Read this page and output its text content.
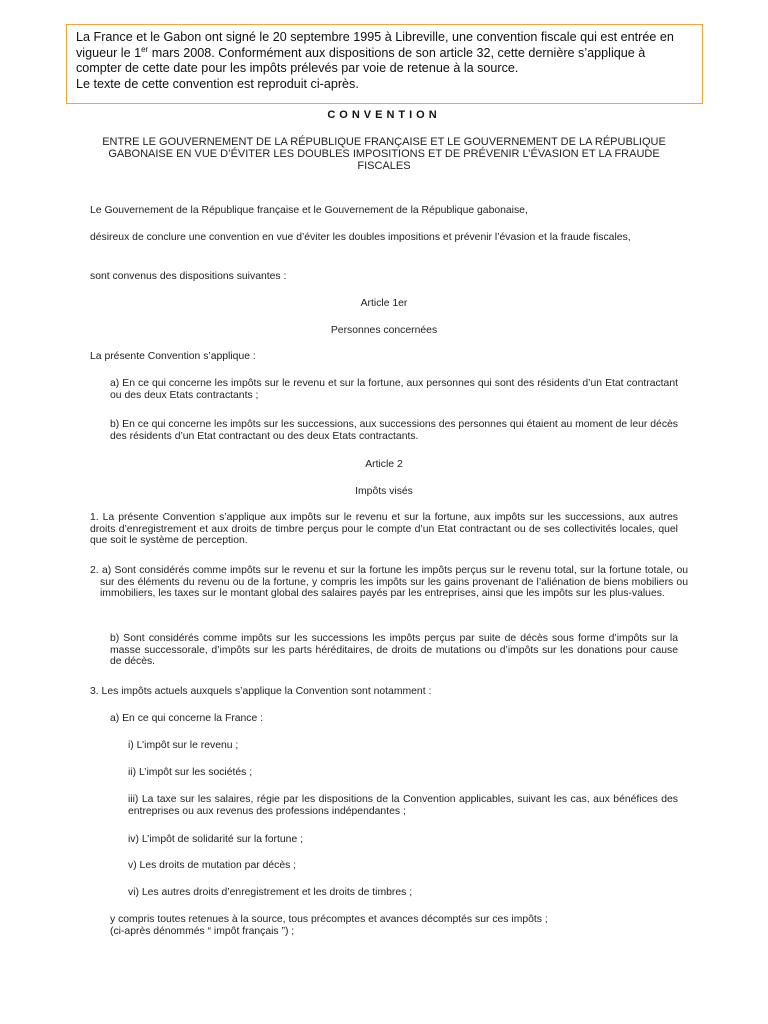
La France et le Gabon ont signé le 20 septembre 1995 à Libreville, une convention fiscale qui est entrée en
vigueur le 1er mars 2008. Conformément aux dispositions de son article 32, cette dernière s’applique à
compter de cette date pour les impôts prélevés par voie de retenue à la source.
Le texte de cette convention est reproduit ci-après.
CONVENTION
ENTRE LE GOUVERNEMENT DE LA RÉPUBLIQUE FRANÇAISE ET LE GOUVERNEMENT DE LA RÉPUBLIQUE GABONAISE EN VUE D’ÉVITER LES DOUBLES IMPOSITIONS ET DE PRÉVENIR L’ÉVASION ET LA FRAUDE FISCALES

Le Gouvernement de la République française et le Gouvernement de la République gabonaise,

désireux de conclure une convention en vue d’éviter les doubles impositions et prévenir l’évasion et la fraude fiscales,

sont convenus des dispositions suivantes :

Article 1er

Personnes concernées

La présente Convention s’applique :

a) En ce qui concerne les impôts sur le revenu et sur la fortune, aux personnes qui sont des résidents d’un Etat contractant ou des deux Etats contractants ;

b) En ce qui concerne les impôts sur les successions, aux successions des personnes qui étaient au moment de leur décès des résidents d’un Etat contractant ou des deux Etats contractants.

Article 2

Impôts visés

1. La présente Convention s’applique aux impôts sur le revenu et sur la fortune, aux impôts sur les successions, aux autres droits d’enregistrement et aux droits de timbre perçus pour le compte d’un Etat contractant ou de ses collectivités locales, quel que soit le système de perception.

2. a) Sont considérés comme impôts sur le revenu et sur la fortune les impôts perçus sur le revenu total, sur la fortune totale, ou sur des éléments du revenu ou de la fortune, y compris les impôts sur les gains provenant de l’aliénation de biens mobiliers ou immobiliers, les taxes sur le montant global des salaires payés par les entreprises, ainsi que les impôts sur les plus-values.

b) Sont considérés comme impôts sur les successions les impôts perçus par suite de décès sous forme d’impôts sur la masse successorale, d’impôts sur les parts héréditaires, de droits de mutations ou d’impôts sur les donations pour cause de décès.

3. Les impôts actuels auxquels s’applique la Convention sont notamment :

a) En ce qui concerne la France :

i) L’impôt sur le revenu ;

ii) L’impôt sur les sociétés ;

iii) La taxe sur les salaires, régie par les dispositions de la Convention applicables, suivant les cas, aux bénéfices des entreprises ou aux revenus des professions indépendantes ;

iv) L’impôt de solidarité sur la fortune ;

v) Les droits de mutation par décès ;

vi) Les autres droits d’enregistrement et les droits de timbres ;

y compris toutes retenues à la source, tous précomptes et avances décomptés sur ces impôts ;

(ci-après dénommés “ impôt français ”) ;
